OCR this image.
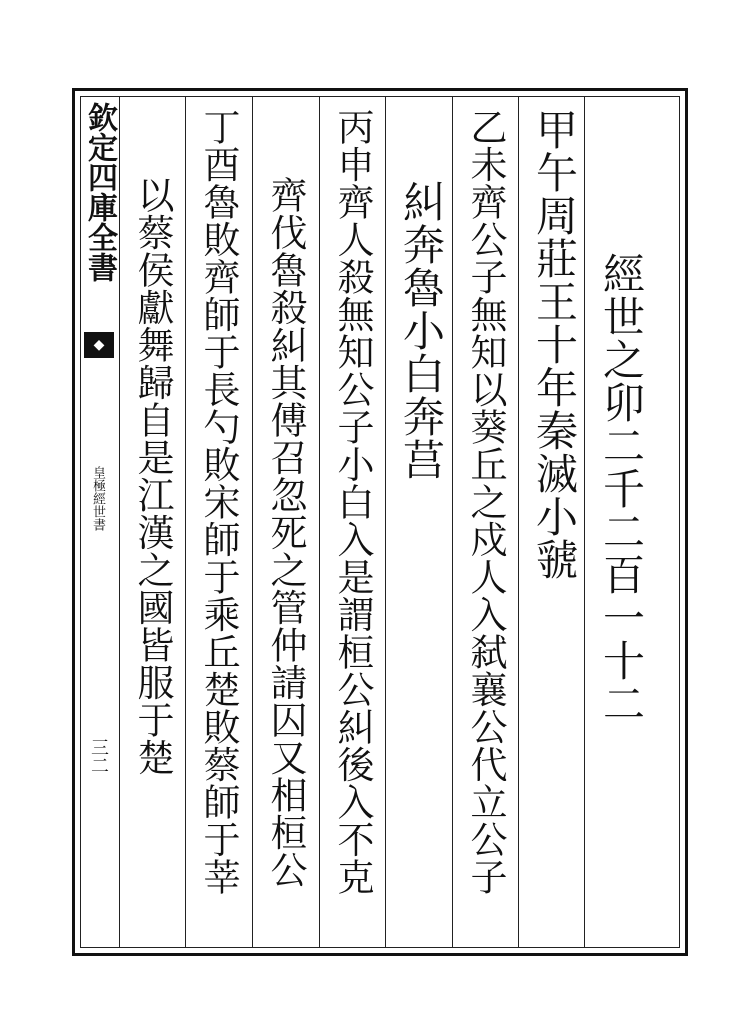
欽定四庫全書
◆
皇極經世書
三二
經世之卯二千二百一十二
甲午周莊王十年秦滅小虢
乙未齊公子無知以葵丘之戍人入弑襄公代立公子
糾奔魯小白奔莒
丙申齊人殺無知公子小白入是謂桓公糾後入不克
齊伐魯殺糾其傅召忽死之管仲請囚又相桓公
丁酉魯敗齊師于長勺敗宋師于乘丘楚敗蔡師于莘
以蔡侯獻舞歸自是江漢之國皆服于楚
